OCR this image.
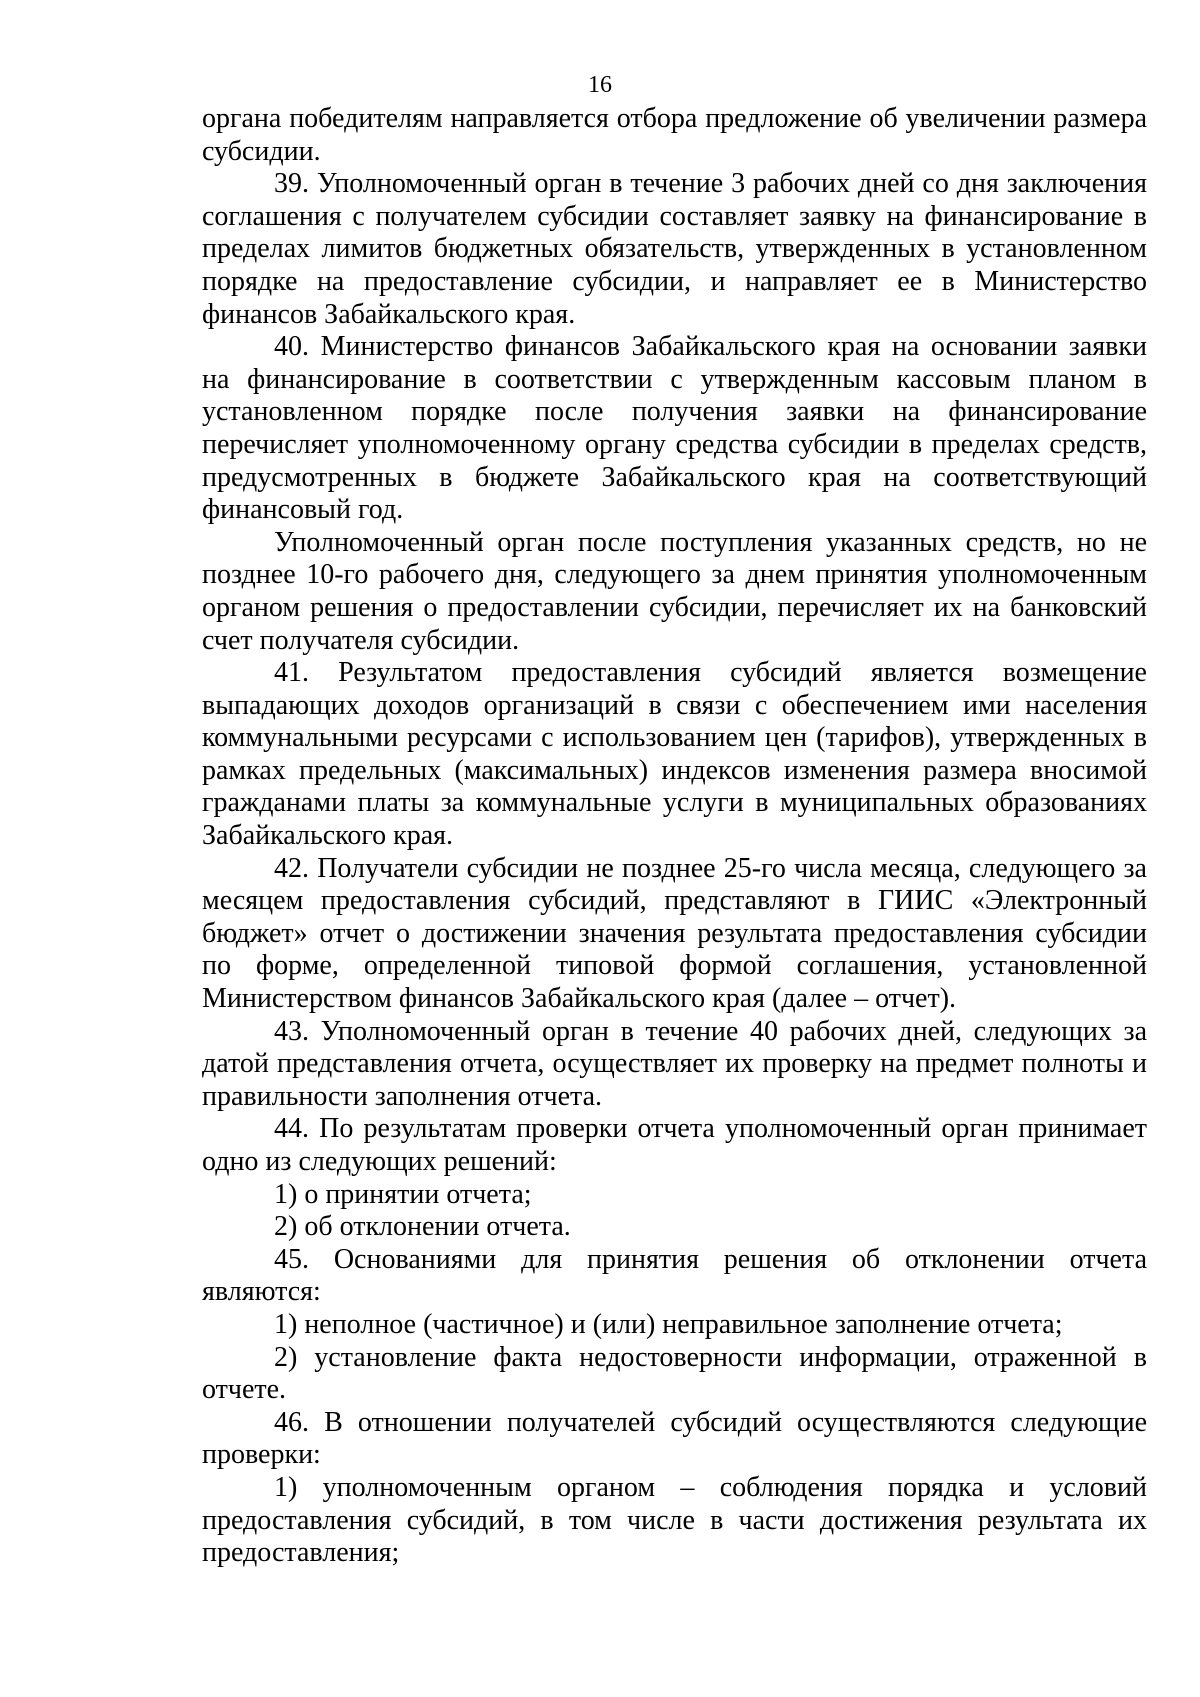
16

органа победителям направляется отбора предложение об увеличении размера субсидии.

39. Уполномоченный орган в течение 3 рабочих дней со дня заключения соглашения с получателем субсидии составляет заявку на финансирование в пределах лимитов бюджетных обязательств, утвержденных в установленном порядке на предоставление субсидии, и направляет ее в Министерство финансов Забайкальского края.

40. Министерство финансов Забайкальского края на основании заявки на финансирование в соответствии с утвержденным кассовым планом в установленном порядке после получения заявки на финансирование перечисляет уполномоченному органу средства субсидии в пределах средств, предусмотренных в бюджете Забайкальского края на соответствующий финансовый год.

Уполномоченный орган после поступления указанных средств, но не позднее 10-го рабочего дня, следующего за днем принятия уполномоченным органом решения о предоставлении субсидии, перечисляет их на банковский счет получателя субсидии.

41. Результатом предоставления субсидий является возмещение выпадающих доходов организаций в связи с обеспечением ими населения коммунальными ресурсами с использованием цен (тарифов), утвержденных в рамках предельных (максимальных) индексов изменения размера вносимой гражданами платы за коммунальные услуги в муниципальных образованиях Забайкальского края.

42. Получатели субсидии не позднее 25-го числа месяца, следующего за месяцем предоставления субсидий, представляют в ГИИС «Электронный бюджет» отчет о достижении значения результата предоставления субсидии по форме, определенной типовой формой соглашения, установленной Министерством финансов Забайкальского края (далее – отчет).

43. Уполномоченный орган в течение 40 рабочих дней, следующих за датой представления отчета, осуществляет их проверку на предмет полноты и правильности заполнения отчета.

44. По результатам проверки отчета уполномоченный орган принимает одно из следующих решений:

1) о принятии отчета;

2) об отклонении отчета.

45. Основаниями для принятия решения об отклонении отчета являются:

1) неполное (частичное) и (или) неправильное заполнение отчета;

2) установление факта недостоверности информации, отраженной в отчете.

46. В отношении получателей субсидий осуществляются следующие проверки:

1) уполномоченным органом – соблюдения порядка и условий предоставления субсидий, в том числе в части достижения результата их предоставления;
